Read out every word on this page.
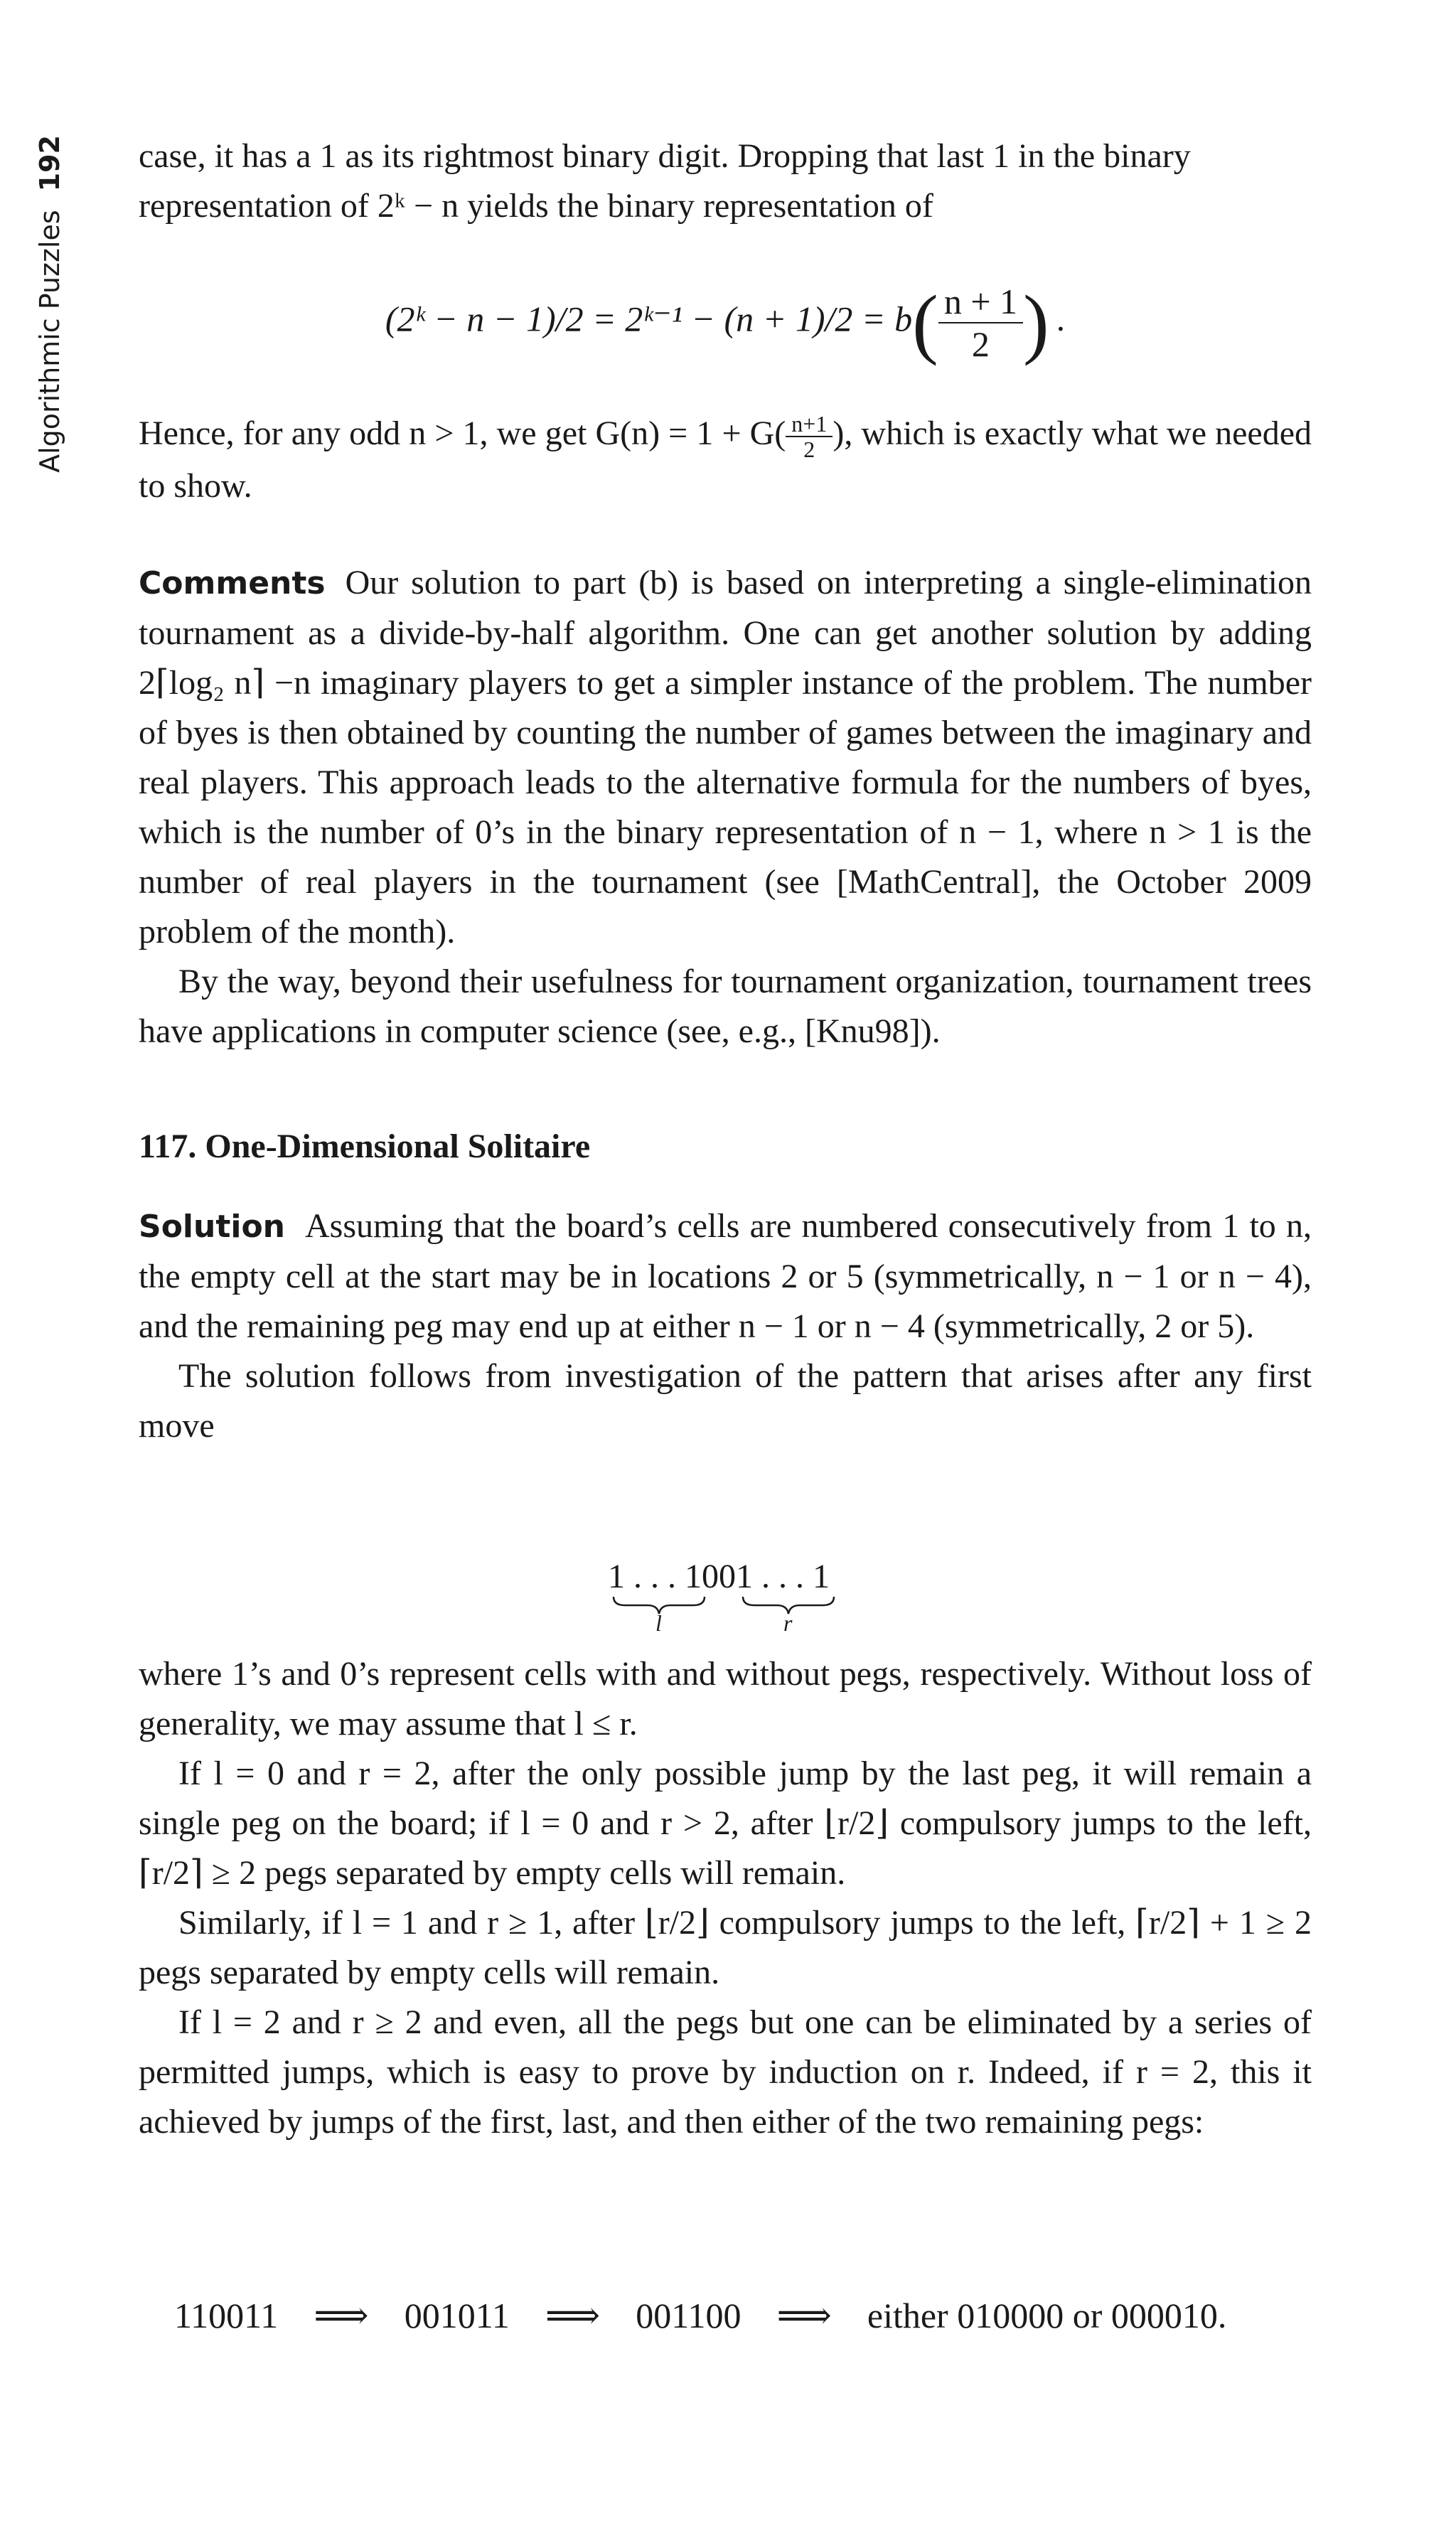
Algorithmic Puzzles
192 case, it has a 1 as its rightmost binary digit. Dropping that last 1 in the binary

representation of 2ᵏ − n yields the binary representation of

(2ᵏ − n − 1)/2 = 2ᵏ⁻¹ − $(n + 1)/2 = b( \frac{n + 1}{2}$ ) .

Hence, for any odd n > 1, we get $G(n) = 1 + G( \frac{n+1}{2}$ ), which is exactly what we needed to show.

Comments Our solution to part (b) is based on interpreting a single-elimination tournament as a divide-by-half algorithm. One can get another solution by adding 2⌈log₂ n⌉ −n imaginary players to get a simpler instance of the problem. The number of byes is then obtained by counting the number of games between the imaginary and real players. This approach leads to the alternative formula for the numbers of byes, which is the number of 0’s in the binary representation of n − 1, where n > 1 is the number of real players in the tournament (see [MathCentral], the October 2009 problem of the month).

By the way, beyond their usefulness for tournament organization, tournament trees have applications in computer science (see, e.g., [Knu98]).

117. One-Dimensional Solitaire

Solution Assuming that the board’s cells are numbered consecutively from 1 to n, the empty cell at the start may be in locations 2 or 5 (symmetrically, n − 1 or n − 4), and the remaining peg may end up at either n − 1 or n − 4 (symmetrically, 2 or 5).

The solution follows from investigation of the pattern that arises after any first move

1 . . . 1001 . . . 1
l	r

where 1’s and 0’s represent cells with and without pegs, respectively. Without loss of generality, we may assume that l ≤ r.

If l = 0 and r = 2, after the only possible jump by the last peg, it will remain a single peg on the board; if l = 0 and r > 2, after ⌊r/2⌋ compulsory jumps to the left, ⌈r/2⌉ ≥ 2 pegs separated by empty cells will remain.

Similarly, if l = 1 and r ≥ 1, after ⌊r/2⌋ compulsory jumps to the left, ⌈r/2⌉ + 1 ≥ 2 pegs separated by empty cells will remain.

If l = 2 and r ≥ 2 and even, all the pegs but one can be eliminated by a series of permitted jumps, which is easy to prove by induction on r. Indeed, if r = 2, this it achieved by jumps of the first, last, and then either of the two remaining pegs:

110011 ⟹ 001011 ⟹ 001100 ⟹ either 010000 or 000010.
